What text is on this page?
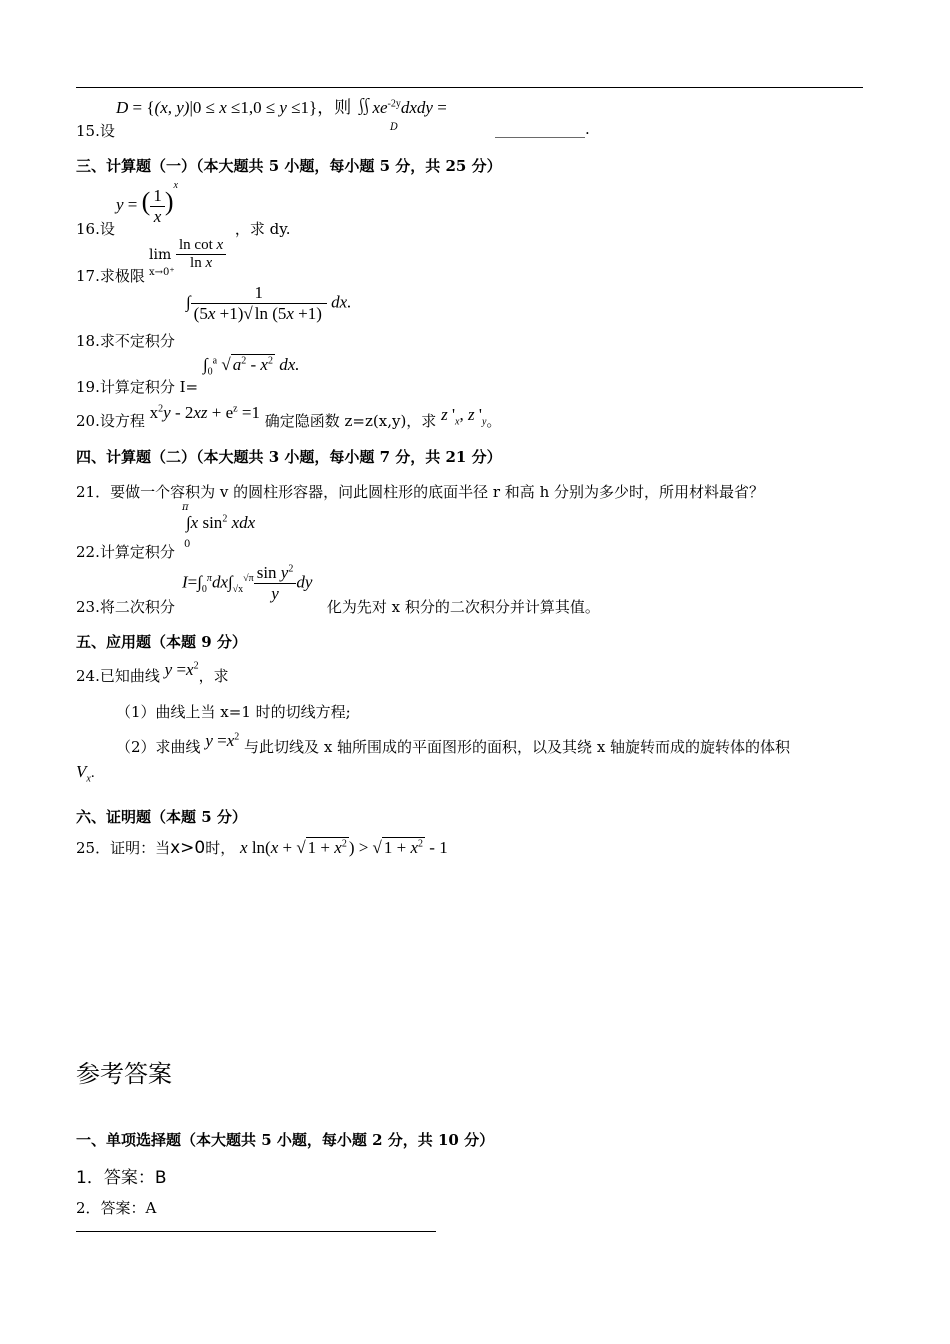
D = {(x, y)|0 ≤ x ≤1,0 ≤ y ≤1}，则 $∬xe^{-2y}dxdy$ =
D
15.设	____________.
三、计算题（一）（本大题共 5 小题，每小题 5 分，共 25 分）
y = ( $\frac{1}{x} )^x$
16.设	，求 dy.
lim
x→0⁺
$\frac{\text{ln cot x}}{\text{ln x}}$
17.求极限
∫ $\frac{1}{(5x +1)√ \ln (5x +1)}$ dx.
18.求不定积分
$\int_0^a$ √ $a^2 - x^2$ dx.
19.计算定积分 I=
20.设方程 $x^2y - 2xz + e^z =1$ 确定隐函数 z=z(x,y)，求 z '$_x$, z '$_y$。
四、计算题（二）（本大题共 3 小题，每小题 7 分，共 21 分）
21．要做一个容积为 v 的圆柱形容器，问此圆柱形的底面半径 r 和高 h 分别为多少时，所用材料最省？
π
∫x $\sin^2$ xdx
0
22.计算定积分
$I=\int_0^\pi dx\int_{√x}^{√\pi} \frac{\sin y^2}{y}$ dy
23.将二次积分	化为先对 x 积分的二次积分并计算其值。
五、应用题（本题 9 分）
24.已知曲线 $y =x^2$，求
（1）曲线上当 x=1 时的切线方程;
（2）求曲线 $y =x^2$ 与此切线及 x 轴所围成的平面图形的面积，以及其绕 x 轴旋转而成的旋转体的体积
$V_x$.
六、证明题（本题 5 分）
25．证明：当x>0时， x ln(x + √ $1 + x^2$ ) > √ $1 + x^2 - 1$
参考答案
一、单项选择题（本大题共 5 小题，每小题 2 分，共 10 分）
1．答案：B
2．答案：A
